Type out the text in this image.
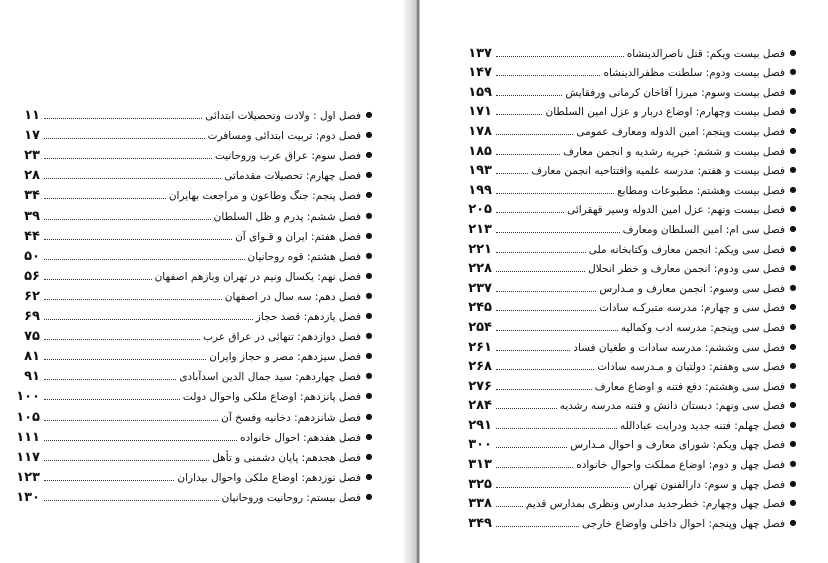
●
فصل اول : ولادت وتحصیلات ابتدائی
۱۱
●
فصل دوم: تربیت ابتدائی ومسافرت
۱۷
●
فصل سوم: عراق عرب وروحانیت
۲۳
●
فصل چهارم: تحصیلات مقدماتی
۲۸
●
فصل پنجم: جنگ وطاعون و مراجعت بهایران
۳۴
●
فصل ششم: پدرم و ظل السلطان
۳۹
●
فصل هفتم: ایران و قـوای آن
۴۴
●
فصل هشتم: قوه روحانیان
۵۰
●
فصل نهم: یکسال ونیم در تهران وبازهم اصفهان
۵۶
●
فصل دهم: سه سال در اصفهان
۶۲
●
فصل یازدهم: قصد حجاز
۶۹
●
فصل دوازدهم: تنهائی در عراق عرب
۷۵
●
فصل سیزدهم: مصر و حجاز وایران
۸۱
●
فصل چهاردهم: سید جمال الدین اسدآبادی
۹۱
●
فصل پانزدهم: اوضاع ملکی واحوال دولت
۱۰۰
●
فصل شانزدهم: دخانیه وفسخ آن
۱۰۵
●
فصل هفدهم: احوال خانواده
۱۱۱
●
فصل هجدهم: پایان دشمنی و تأهل
۱۱۷
●
فصل نوزدهم: اوضاع ملکی واحوال بیداران
۱۲۳
●
فصل بیستم: روحانیت وروحانیان
۱۳۰
●
فصل بیست ویکم: قتل ناصرالدینشاه
۱۳۷
●
فصل بیست ودوم: سلطنت مظفرالدینشاه
۱۴۷
●
فصل بیست وسوم: میرزا آقاخان کرمانی ورفقایش
۱۵۹
●
فصل بیست وچهارم: اوضاع دربار و عزل امین السلطان
۱۷۱
●
فصل بیست وپنجم: امین الدوله ومعارف عمومی
۱۷۸
●
فصل بیست و ششم: خیریه رشدیه و انجمن معارف
۱۸۵
●
فصل بیست و هفتم: مدرسه علمیه وافتتاحیه انجمن معارف
۱۹۳
●
فصل بیست وهشتم: مطبوعات ومطابع
۱۹۹
●
فصل بیست ونهم: عزل امین الدوله وسیر قهقرائی
۲۰۵
●
فصل سی ام: امین السلطان ومعارف
۲۱۳
●
فصل سی ویکم: انجمن معارف وکتابخانه ملی
۲۲۱
●
فصل سی ودوم: انجمن معارف و خطر انحلال
۲۲۸
●
فصل سی وسوم: انجمن معارف و مـدارس
۲۳۷
●
فصل سی و چهارم: مدرسه متبرکـه سادات
۲۴۵
●
فصل سی وپنجم: مدرسه ادب وکمالیه
۲۵۴
●
فصل سی وششم: مدرسه سادات و طغیان فساد
۲۶۱
●
فصل سی وهفتم: دولتیان و مـدرسه سادات
۲۶۸
●
فصل سی وهشتم: دفع فتنه و اوضاع معارف
۲۷۶
●
فصل سی ونهم: دبستان دانش و فتنه مدرسه رشدیه
۲۸۴
●
فصل چهلم: فتنه جدید ودرایت عبادالله
۲۹۱
●
فصل چهل ویکم: شورای معارف و احوال مـدارس
۳۰۰
●
فصل چهل و دوم: اوضاع مملکت واحوال خانواده
۳۱۳
●
فصل چهل و سوم: دارالفنون تهران
۳۲۵
●
فصل چهل وچهارم: خطرجدید مدارس ونظری بمدارس قدیم
۳۳۸
●
فصل چهل وپنجم: احوال داخلی واوضاع خارجی
۳۴۹
